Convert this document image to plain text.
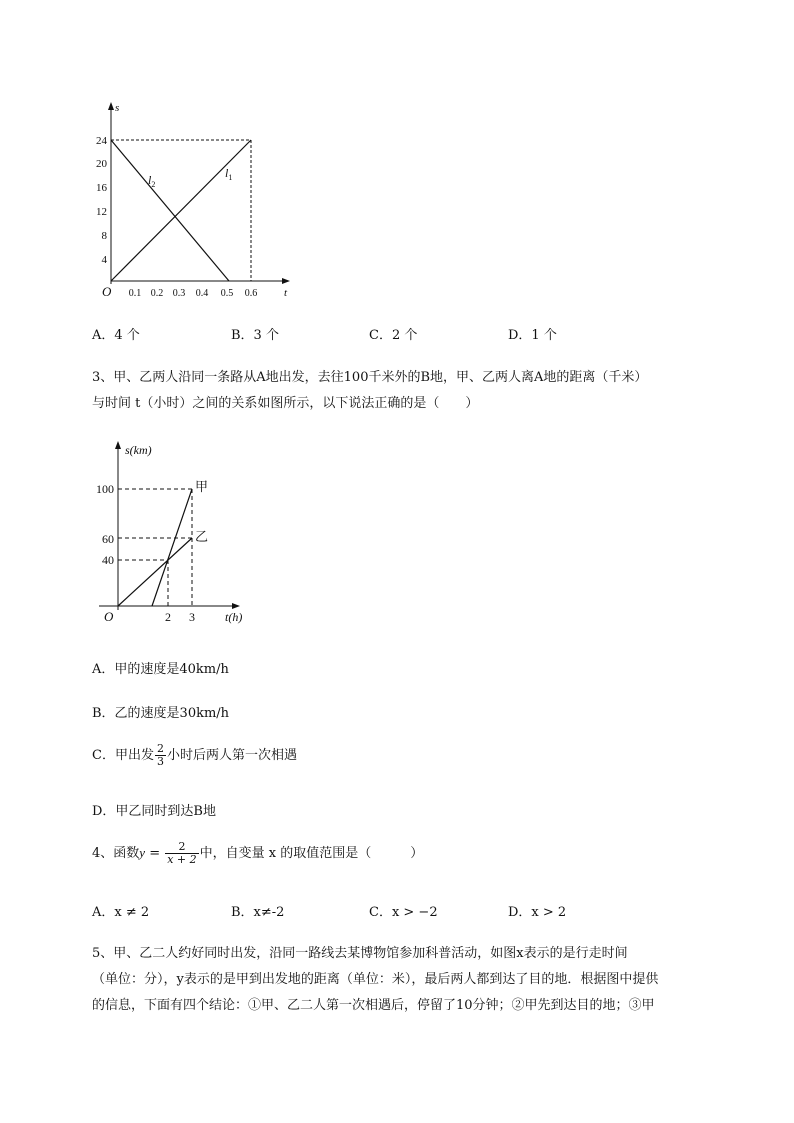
s
t
O
24
20
16
12
8
4
0.1 0.2 0.3 0.4 0.5 0.6
$l_2$
$l_1$
A．4 个	B．3 个	C．2 个	D．1 个
3、甲、乙两人沿同一条路从A地出发，去往100千米外的B地，甲、乙两人离A地的距离（千米）
与时间 t（小时）之间的关系如图所示，以下说法正确的是（　　）
s(km)
t(h)
O
100
60
40
2 3
甲
乙
A．甲的速度是40km/h
B．乙的速度是30km/h
C．甲出发 $\frac{2}{3}$ 小时后两人第一次相遇
D．甲乙同时到达B地
4、函数$y = \frac{2}{x + 2}$ 中，自变量 x 的取值范围是（　　　）
A．x ≠ 2	B．x≠-2	C．x > −2	D．x > 2
5、甲、乙二人约好同时出发，沿同一路线去某博物馆参加科普活动，如图x表示的是行走时间
（单位：分），y表示的是甲到出发地的距离（单位：米），最后两人都到达了目的地．根据图中提供
的信息，下面有四个结论：①甲、乙二人第一次相遇后，停留了10分钟；②甲先到达目的地；③甲
